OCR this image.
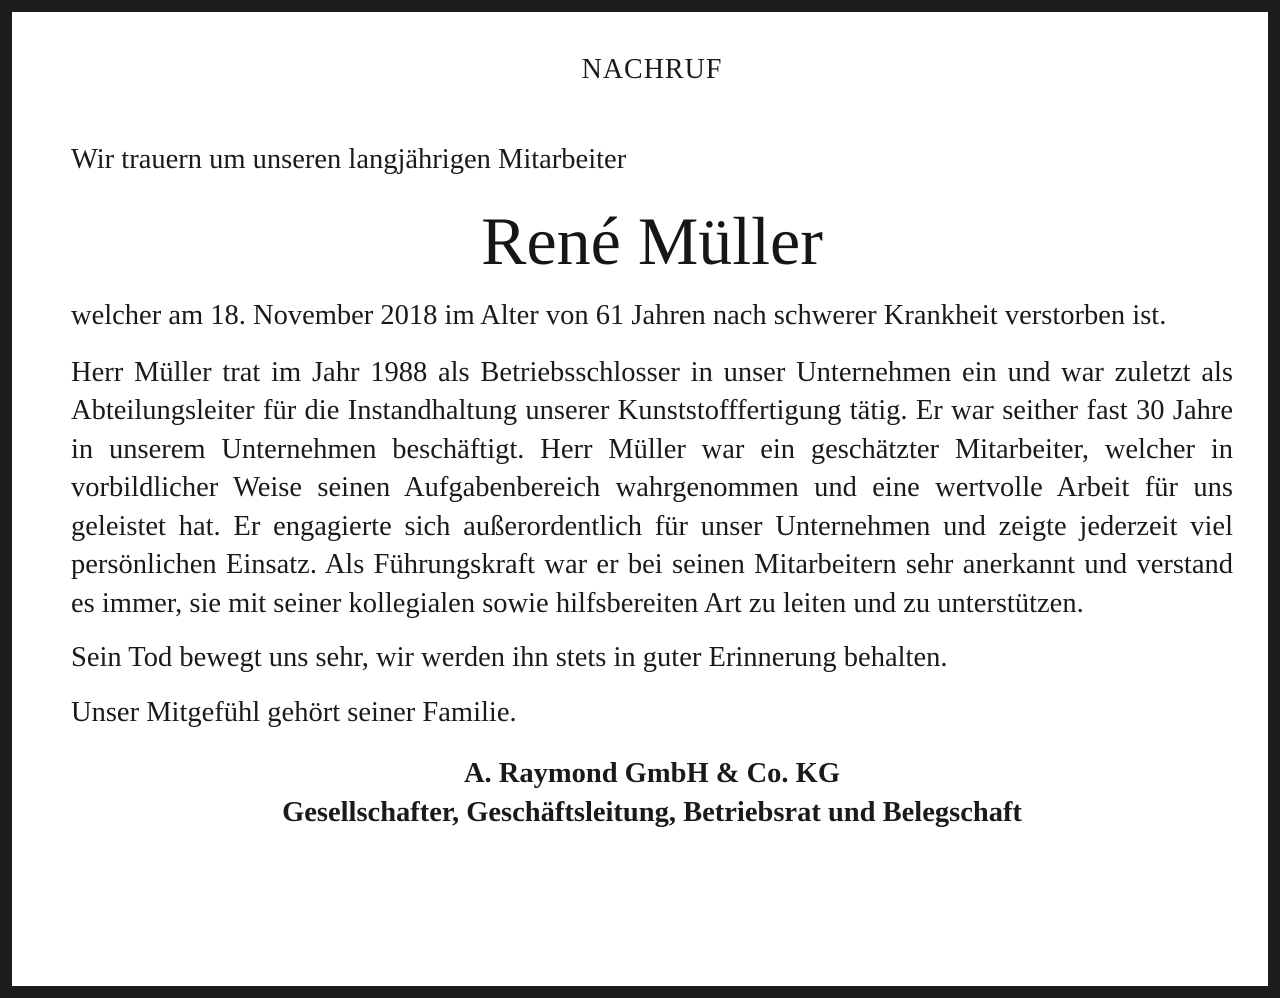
NACHRUF
Wir trauern um unseren langjährigen Mitarbeiter
René Müller

welcher am 18. November 2018 im Alter von 61 Jahren nach schwerer Krankheit verstorben ist.

Herr Müller trat im Jahr 1988 als Betriebsschlosser in unser Unternehmen ein und war zuletzt als Abteilungsleiter für die Instandhaltung unserer Kunststofffertigung tätig. Er war seither fast 30 Jahre in unserem Unternehmen beschäftigt. Herr Müller war ein geschätzter Mitarbeiter, welcher in vorbildlicher Weise seinen Aufgabenbereich wahrgenommen und eine wertvolle Arbeit für uns geleistet hat. Er engagierte sich außerordentlich für unser Unternehmen und zeigte jederzeit viel persönlichen Einsatz. Als Führungskraft war er bei seinen Mitarbeitern sehr anerkannt und verstand es immer, sie mit seiner kollegialen sowie hilfsbereiten Art zu leiten und zu unterstützen.

Sein Tod bewegt uns sehr, wir werden ihn stets in guter Erinnerung behalten.

Unser Mitgefühl gehört seiner Familie.

A. Raymond GmbH & Co. KG
Gesellschafter, Geschäftsleitung, Betriebsrat und Belegschaft
